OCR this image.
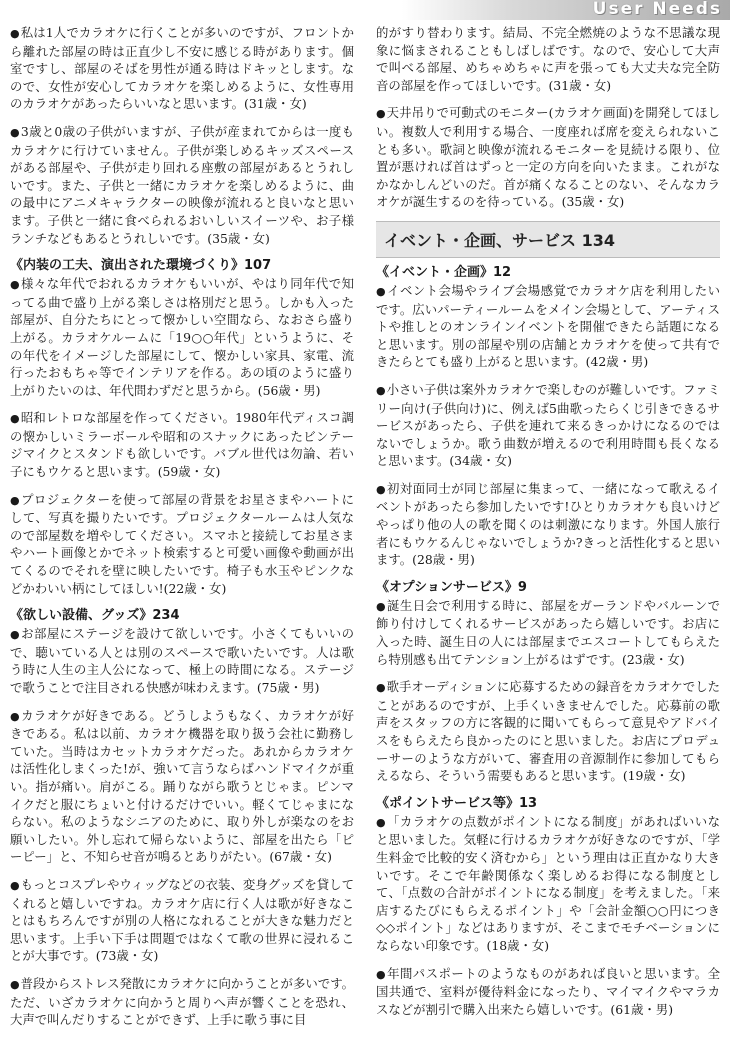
User Needs

●私は1人でカラオケに行くことが多いのですが、フロントから離れた部屋の時は正直少し不安に感じる時があります。個室ですし、部屋のそばを男性が通る時はドキッとします。なので、女性が安心してカラオケを楽しめるように、女性専用のカラオケがあったらいいなと思います。(31歳・女)

●3歳と0歳の子供がいますが、子供が産まれてからは一度もカラオケに行けていません。子供が楽しめるキッズスペースがある部屋や、子供が走り回れる座敷の部屋があるとうれしいです。また、子供と一緒にカラオケを楽しめるように、曲の最中にアニメキャラクターの映像が流れると良いなと思います。子供と一緒に食べられるおいしいスイーツや、お子様ランチなどもあるとうれしいです。(35歳・女)

《内装の工夫、演出された環境づくり》107

●様々な年代でおれるカラオケもいいが、やはり同年代で知ってる曲で盛り上がる楽しさは格別だと思う。しかも入った部屋が、自分たちにとって懐かしい空間なら、なおさら盛り上がる。カラオケルームに「19○○年代」というように、その年代をイメージした部屋にして、懐かしい家具、家電、流行ったおもちゃ等でインテリアを作る。あの頃のように盛り上がりたいのは、年代問わずだと思うから。(56歳・男)

●昭和レトロな部屋を作ってください。1980年代ディスコ調の懐かしいミラーボールや昭和のスナックにあったビンテージマイクとスタンドも欲しいです。バブル世代は勿論、若い子にもウケると思います。(59歳・女)

●プロジェクターを使って部屋の背景をお星さまやハートにして、写真を撮りたいです。プロジェクタールームは人気なので部屋数を増やしてください。スマホと接続してお星さまやハート画像とかでネット検索すると可愛い画像や動画が出てくるのでそれを壁に映したいです。椅子も水玉やピンクなどかわいい柄にしてほしい!(22歳・女)

《欲しい設備、グッズ》234

●お部屋にステージを設けて欲しいです。小さくてもいいので、聴いている人とは別のスペースで歌いたいです。人は歌う時に人生の主人公になって、極上の時間になる。ステージで歌うことで注目される快感が味わえます。(75歳・男)

●カラオケが好きである。どうしようもなく、カラオケが好きである。私は以前、カラオケ機器を取り扱う会社に勤務していた。当時はカセットカラオケだった。あれからカラオケは活性化しまくった!が、強いて言うならばハンドマイクが重い。指が痛い。肩がこる。踊りながら歌うとじゃま。ピンマイクだと服にちょいと付けるだけでいい。軽くてじゃまにならない。私のようなシニアのために、取り外しが楽なのをお願いしたい。外し忘れて帰らないように、部屋を出たら「ピーピー」と、不知らせ音が鳴るとありがたい。(67歳・女)

●もっとコスプレやウィッグなどの衣装、変身グッズを貸してくれると嬉しいですね。カラオケ店に行く人は歌が好きなことはもちろんですが別の人格になれることが大きな魅力だと思います。上手い下手は問題ではなくて歌の世界に浸れることが大事です。(73歳・女)

●普段からストレス発散にカラオケに向かうことが多いです。ただ、いざカラオケに向かうと周りへ声が響くことを恐れ、大声で叫んだりすることができず、上手に歌う事に目

的がすり替わります。結局、不完全燃焼のような不思議な現象に悩まされることもしばしばです。なので、安心して大声で叫べる部屋、めちゃめちゃに声を張っても大丈夫な完全防音の部屋を作ってほしいです。(31歳・女)

●天井吊りで可動式のモニター(カラオケ画面)を開発してほしい。複数人で利用する場合、一度座れば席を変えられないことも多い。歌詞と映像が流れるモニターを見続ける限り、位置が悪ければ首はずっと一定の方向を向いたまま。これがなかなかしんどいのだ。首が痛くなることのない、そんなカラオケが誕生するのを待っている。(35歳・女)

イベント・企画、サービス 134
《イベント・企画》12

●イベント会場やライブ会場感覚でカラオケ店を利用したいです。広いパーティールームをメイン会場として、アーティストや推しとのオンラインイベントを開催できたら話題になると思います。別の部屋や別の店舗とカラオケを使って共有できたらとても盛り上がると思います。(42歳・男)

●小さい子供は案外カラオケで楽しむのが難しいです。ファミリー向け(子供向け)に、例えば5曲歌ったらくじ引きできるサービスがあったら、子供を連れて来るきっかけになるのではないでしょうか。歌う曲数が増えるので利用時間も長くなると思います。(34歳・女)

●初対面同士が同じ部屋に集まって、一緒になって歌えるイベントがあったら参加したいです!ひとりカラオケも良いけどやっぱり他の人の歌を聞くのは刺激になります。外国人旅行者にもウケるんじゃないでしょうか?きっと活性化すると思います。(28歳・男)

《オプションサービス》9

●誕生日会で利用する時に、部屋をガーランドやバルーンで飾り付けしてくれるサービスがあったら嬉しいです。お店に入った時、誕生日の人には部屋までエスコートしてもらえたら特別感も出てテンション上がるはずです。(23歳・女)

●歌手オーディションに応募するための録音をカラオケでしたことがあるのですが、上手くいきませんでした。応募前の歌声をスタッフの方に客観的に聞いてもらって意見やアドバイスをもらえたら良かったのにと思いました。お店にプロデューサーのような方がいて、審査用の音源制作に参加してもらえるなら、そういう需要もあると思います。(19歳・女)

《ポイントサービス等》13

●「カラオケの点数がポイントになる制度」があればいいなと思いました。気軽に行けるカラオケが好きなのですが、「学生料金で比較的安く済むから」という理由は正直かなり大きいです。そこで年齢関係なく楽しめるお得になる制度として、「点数の合計がポイントになる制度」を考えました。「来店するたびにもらえるポイント」や「会計金額○○円につき◇◇ポイント」などはありますが、そこまでモチベーションにならない印象です。(18歳・女)

●年間パスポートのようなものがあれば良いと思います。全国共通で、室料が優待料金になったり、マイマイクやマラカスなどが割引で購入出来たら嬉しいです。(61歳・男)
